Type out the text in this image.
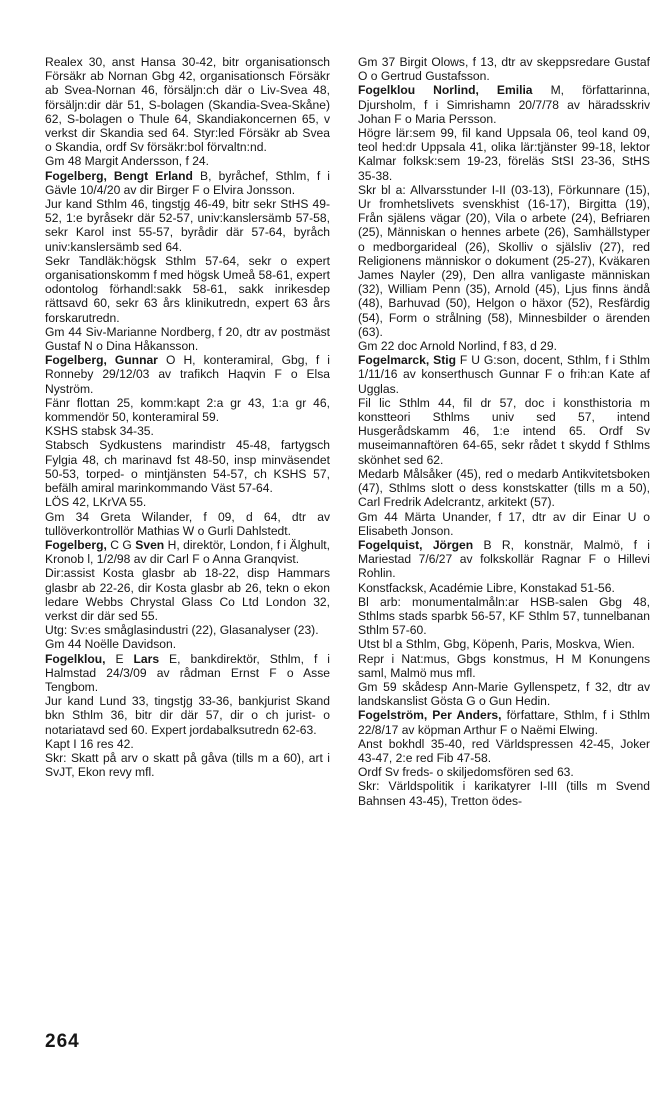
Realex 30, anst Hansa 30-42, bitr organisationsch Försäkr ab Nornan Gbg 42, organisationsch Försäkr ab Svea-Nornan 46, försäljn:ch där o Liv-Svea 48, försäljn:dir där 51, S-bolagen (Skandia-Svea-Skåne) 62, S-bolagen o Thule 64, Skandiakoncernen 65, v verkst dir Skandia sed 64. Styr:led Försäkr ab Svea o Skandia, ordf Sv försäkr:bol förvaltn:nd.

Gm 48 Margit Andersson, f 24.

Fogelberg, Bengt Erland B, byråchef, Sthlm, f i Gävle 10/4/20 av dir Birger F o Elvira Jonsson.

Jur kand Sthlm 46, tingstjg 46-49, bitr sekr StHS 49-52, 1:e byråsekr där 52-57, univ:kanslersämb 57-58, sekr Karol inst 55-57, byrådir där 57-64, byråch univ:kanslersämb sed 64.

Sekr Tandläk:högsk Sthlm 57-64, sekr o expert organisationskomm f med högsk Umeå 58-61, expert odontolog förhandl:sakk 58-61, sakk inrikesdep rättsavd 60, sekr 63 års klinikutredn, expert 63 års forskarutredn.

Gm 44 Siv-Marianne Nordberg, f 20, dtr av postmäst Gustaf N o Dina Håkansson.

Fogelberg, Gunnar O H, konteramiral, Gbg, f i Ronneby 29/12/03 av trafikch Haqvin F o Elsa Nyström.

Fänr flottan 25, komm:kapt 2:a gr 43, 1:a gr 46, kommendör 50, konteramiral 59.

KSHS stabsk 34-35.

Stabsch Sydkustens marindistr 45-48, fartygsch Fylgia 48, ch marinavd fst 48-50, insp minväsendet 50-53, torped- o mintjänsten 54-57, ch KSHS 57, befälh amiral marinkommando Väst 57-64.

LÖS 42, LKrVA 55.

Gm 34 Greta Wilander, f 09, d 64, dtr av tullöverkontrollör Mathias W o Gurli Dahlstedt.

Fogelberg, C G Sven H, direktör, London, f i Älghult, Kronob l, 1/2/98 av dir Carl F o Anna Granqvist.

Dir:assist Kosta glasbr ab 18-22, disp Hammars glasbr ab 22-26, dir Kosta glasbr ab 26, tekn o ekon ledare Webbs Chrystal Glass Co Ltd London 32, verkst dir där sed 55.

Utg: Sv:es småglasindustri (22), Glasanalyser (23).

Gm 44 Noëlle Davidson.

Fogelklou, E Lars E, bankdirektör, Sthlm, f i Halmstad 24/3/09 av rådman Ernst F o Asse Tengbom.

Jur kand Lund 33, tingstjg 33-36, bankjurist Skand bkn Sthlm 36, bitr dir där 57, dir o ch jurist- o notariatavd sed 60. Expert jordabalksutredn 62-63.

Kapt I 16 res 42.

Skr: Skatt på arv o skatt på gåva (tills m a 60), art i SvJT, Ekon revy mfl.

Gm 37 Birgit Olows, f 13, dtr av skeppsredare Gustaf O o Gertrud Gustafsson.

Fogelklou Norlind, Emilia M, författarinna, Djursholm, f i Simrishamn 20/7/78 av häradsskriv Johan F o Maria Persson.

Högre lär:sem 99, fil kand Uppsala 06, teol kand 09, teol hed:dr Uppsala 41, olika lär:tjänster 99-18, lektor Kalmar folksk:sem 19-23, föreläs StSI 23-36, StHS 35-38.

Skr bl a: Allvarsstunder I-II (03-13), Förkunnare (15), Ur fromhetslivets svenskhist (16-17), Birgitta (19), Från själens vägar (20), Vila o arbete (24), Befriaren (25), Människan o hennes arbete (26), Samhällstyper o medborgarideal (26), Skolliv o själsliv (27), red Religionens människor o dokument (25-27), Kväkaren James Nayler (29), Den allra vanligaste människan (32), William Penn (35), Arnold (45), Ljus finns ändå (48), Barhuvad (50), Helgon o häxor (52), Resfärdig (54), Form o strålning (58), Minnesbilder o ärenden (63).

Gm 22 doc Arnold Norlind, f 83, d 29.

Fogelmarck, Stig F U G:son, docent, Sthlm, f i Sthlm 1/11/16 av konserthusch Gunnar F o frih:an Kate af Ugglas.

Fil lic Sthlm 44, fil dr 57, doc i konsthistoria m konstteori Sthlms univ sed 57, intend Husgerådskamm 46, 1:e intend 65. Ordf Sv museimannaftören 64-65, sekr rådet t skydd f Sthlms skönhet sed 62.

Medarb Målsåker (45), red o medarb Antikvitetsboken (47), Sthlms slott o dess konstskatter (tills m a 50), Carl Fredrik Adelcrantz, arkitekt (57).

Gm 44 Märta Unander, f 17, dtr av dir Einar U o Elisabeth Jonson.

Fogelquist, Jörgen B R, konstnär, Malmö, f i Mariestad 7/6/27 av folkskollär Ragnar F o Hillevi Rohlin.

Konstfacksk, Académie Libre, Konstakad 51-56.

Bl arb: monumentalmåln:ar HSB-salen Gbg 48, Sthlms stads sparbk 56-57, KF Sthlm 57, tunnelbanan Sthlm 57-60.

Utst bl a Sthlm, Gbg, Köpenh, Paris, Moskva, Wien.

Repr i Nat:mus, Gbgs konstmus, H M Konungens saml, Malmö mus mfl.

Gm 59 skådesp Ann-Marie Gyllenspetz, f 32, dtr av landskanslist Gösta G o Gun Hedin.

Fogelström, Per Anders, författare, Sthlm, f i Sthlm 22/8/17 av köpman Arthur F o Naëmi Elwing.

Anst bokhdl 35-40, red Världspressen 42-45, Joker 43-47, 2:e red Fib 47-58.

Ordf Sv freds- o skiljedomsfören sed 63.

Skr: Världspolitik i karikatyrer I-III (tills m Svend Bahnsen 43-45), Tretton ödes-

264
